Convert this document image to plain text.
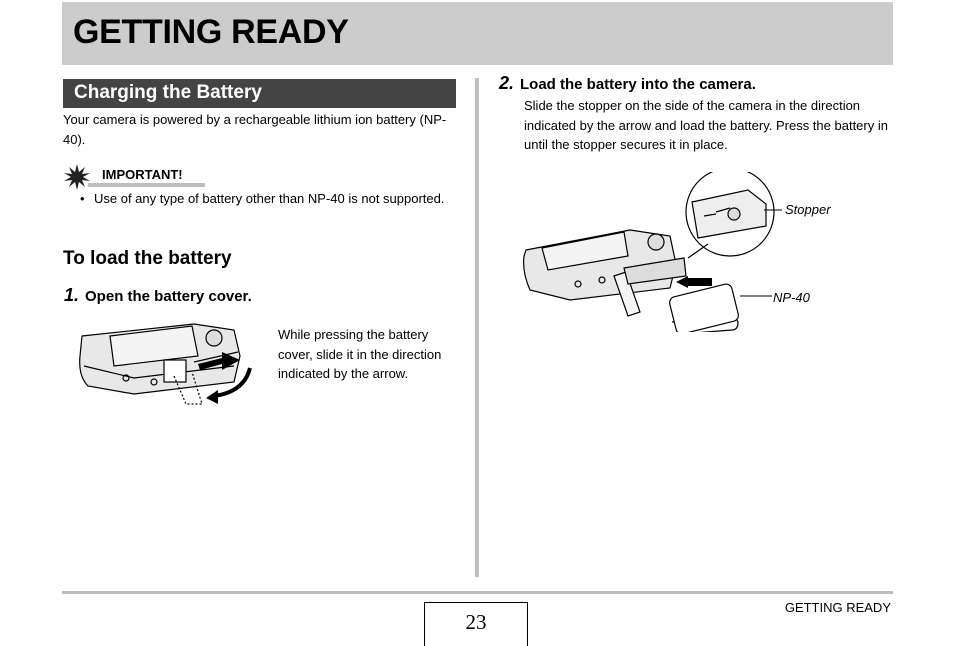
GETTING READY
Charging the Battery

Your camera is powered by a rechargeable lithium ion battery (NP-40).

IMPORTANT!
• Use of any type of battery other than NP-40 is not supported.
To load the battery
1. Open the battery cover.

While pressing the battery cover, slide it in the direction indicated by the arrow.

2. Load the battery into the camera.

Slide the stopper on the side of the camera in the direction indicated by the arrow and load the battery. Press the battery in until the stopper secures it in place.

Stopper
NP-40
23
GETTING READY
